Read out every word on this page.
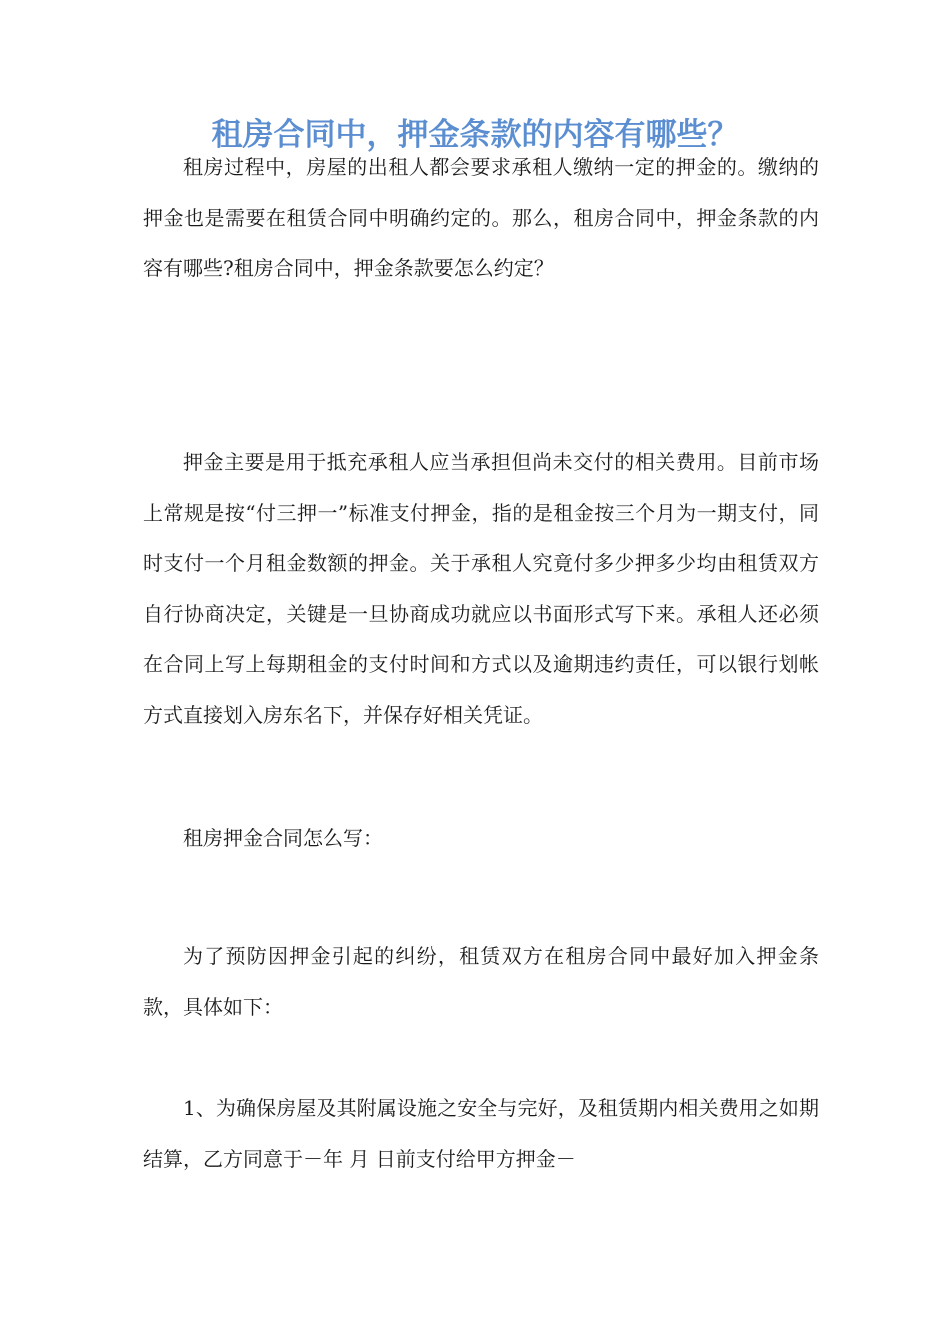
租房合同中，押金条款的内容有哪些？

租房过程中，房屋的出租人都会要求承租人缴纳一定的押金的。缴纳的押金也是需要在租赁合同中明确约定的。那么，租房合同中，押金条款的内容有哪些?租房合同中，押金条款要怎么约定？

押金主要是用于抵充承租人应当承担但尚未交付的相关费用。目前市场上常规是按“付三押一”标准支付押金，指的是租金按三个月为一期支付，同时支付一个月租金数额的押金。关于承租人究竟付多少押多少均由租赁双方自行协商决定，关键是一旦协商成功就应以书面形式写下来。承租人还必须在合同上写上每期租金的支付时间和方式以及逾期违约责任，可以银行划帐方式直接划入房东名下，并保存好相关凭证。

租房押金合同怎么写：

为了预防因押金引起的纠纷，租赁双方在租房合同中最好加入押金条款，具体如下：

1、为确保房屋及其附属设施之安全与完好，及租赁期内相关费用之如期结算，乙方同意于－年 月 日前支付给甲方押金－
